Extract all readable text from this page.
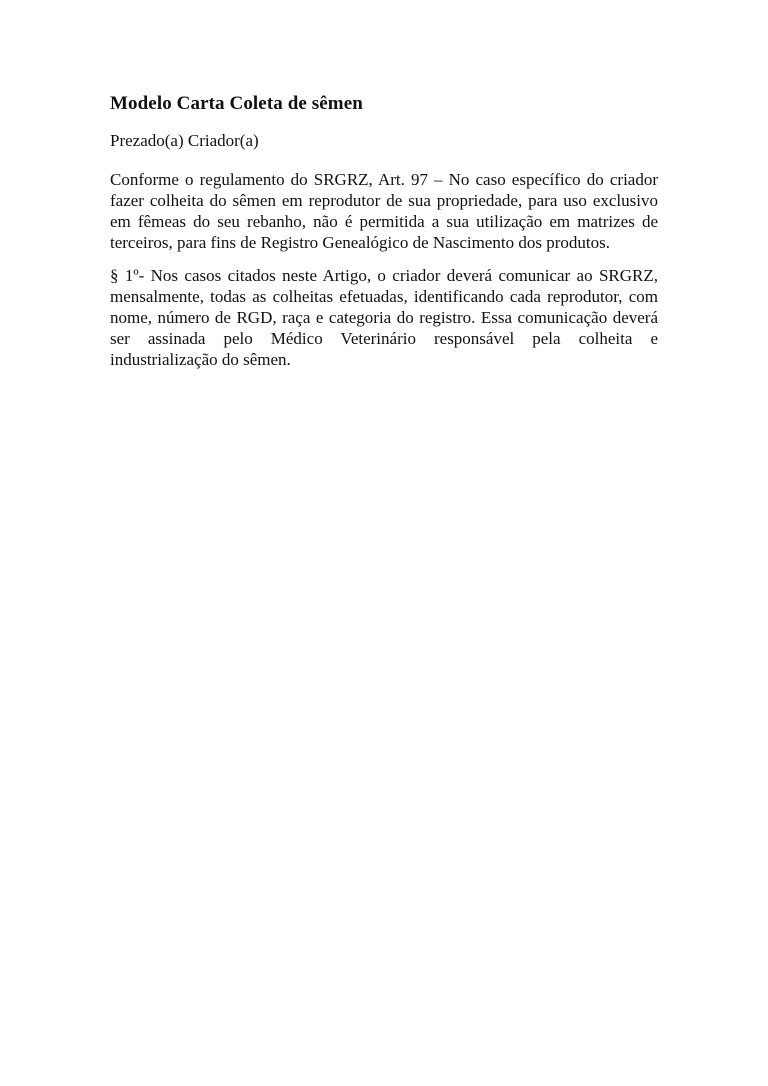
Modelo Carta Coleta de sêmen

Prezado(a) Criador(a)

Conforme o regulamento do SRGRZ, Art. 97 – No caso específico do criador fazer colheita do sêmen em reprodutor de sua propriedade, para uso exclusivo em fêmeas do seu rebanho, não é permitida a sua utilização em matrizes de terceiros, para fins de Registro Genealógico de Nascimento dos produtos.

§ 1º- Nos casos citados neste Artigo, o criador deverá comunicar ao SRGRZ, mensalmente, todas as colheitas efetuadas, identificando cada reprodutor, com nome, número de RGD, raça e categoria do registro. Essa comunicação deverá ser assinada pelo Médico Veterinário responsável pela colheita e industrialização do sêmen.
